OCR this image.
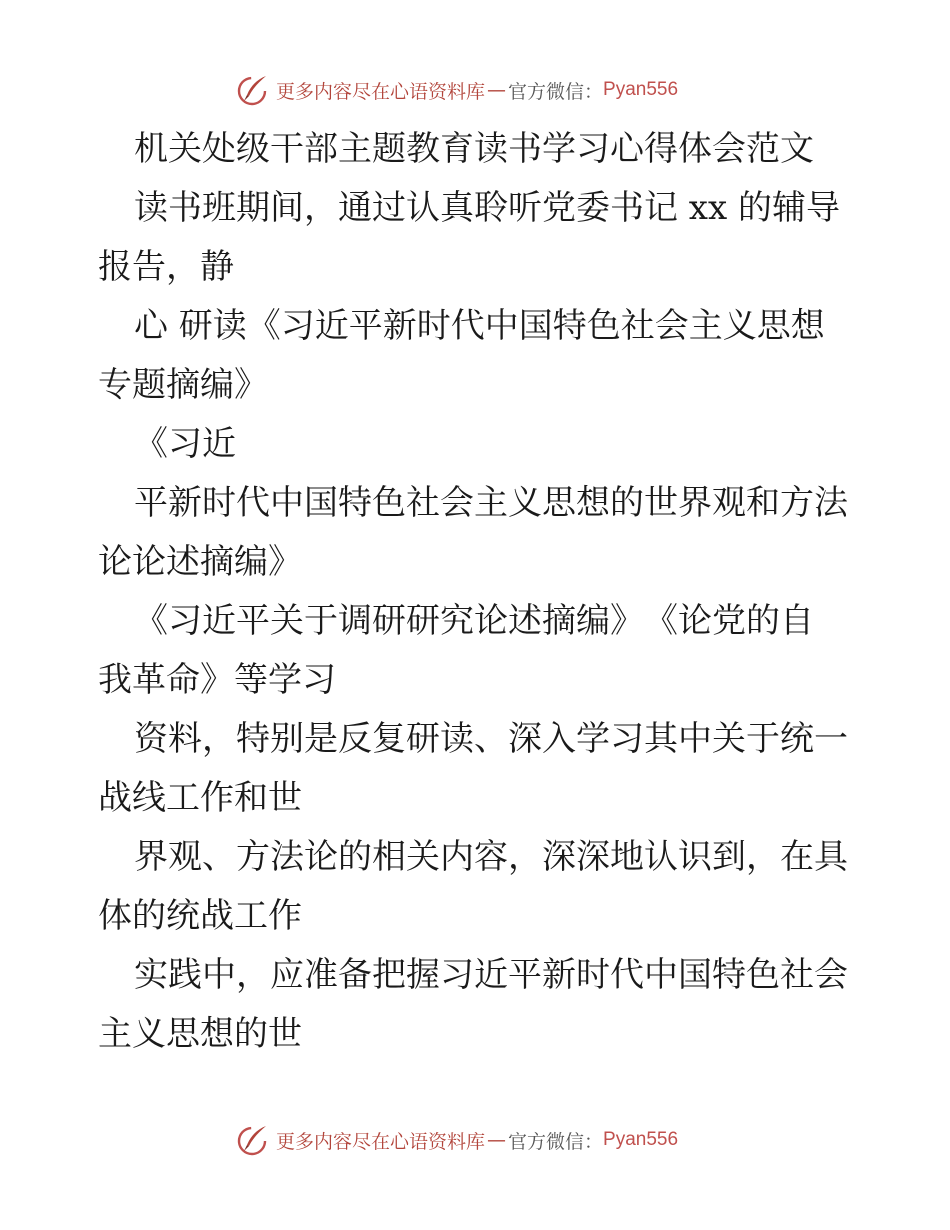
更多内容尽在心语资料库 — 官方微信： Pyan556
机关处级干部主题教育读书学习心得体会范文
读书班期间，通过认真聆听党委书记 xx 的辅导
报告，静
心 研读《习近平新时代中国特色社会主义思想
专题摘编》
《习近
平新时代中国特色社会主义思想的世界观和方法
论论述摘编》
《习近平关于调研研究论述摘编》　《论党的自
我革命》等学习
资料，特别是反复研读、深入学习其中关于统一
战线工作和世
界观、方法论的相关内容，深深地认识到，在具
体的统战工作
实践中，应准备把握习近平新时代中国特色社会
主义思想的世
更多内容尽在心语资料库 — 官方微信： Pyan556
